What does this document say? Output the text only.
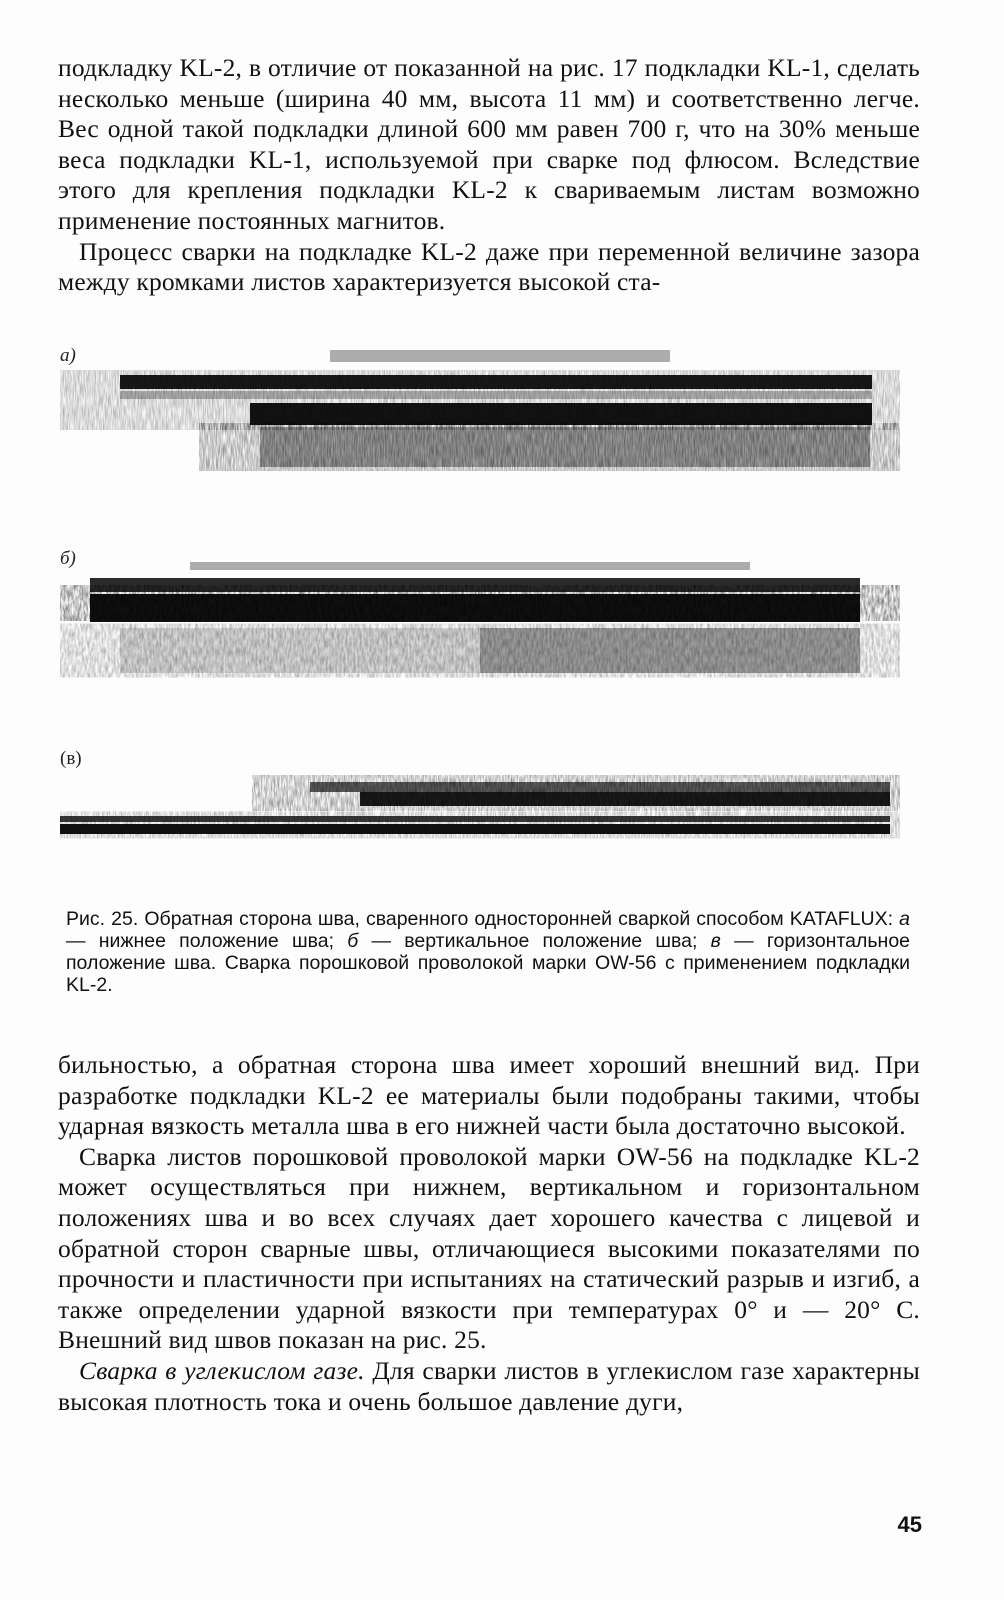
подкладку KL-2, в отличие от показанной на рис. 17 подкладки KL-1, сделать несколько меньше (ширина 40 мм, высота 11 мм) и соответственно легче. Вес одной такой подкладки длиной 600 мм равен 700 г, что на 30% меньше веса подкладки KL-1, используемой при сварке под флюсом. Вследствие этого для крепления подкладки KL-2 к свариваемым листам возможно применение постоянных магнитов.

Процесс сварки на подкладке KL-2 даже при переменной величине зазора между кромками листов характеризуется высокой ста-

а)
б)
(в)
Рис. 25. Обратная сторона шва, сваренного односторонней сваркой способом KATAFLUX: а — нижнее положение шва; б — вертикальное положение шва; в — горизонтальное положение шва. Сварка порошковой проволокой марки OW-56 с применением подкладки KL-2.

бильностью, а обратная сторона шва имеет хороший внешний вид. При разработке подкладки KL-2 ее материалы были подобраны такими, чтобы ударная вязкость металла шва в его нижней части была достаточно высокой.

Сварка листов порошковой проволокой марки OW-56 на подкладке KL-2 может осуществляться при нижнем, вертикальном и горизонтальном положениях шва и во всех случаях дает хорошего качества с лицевой и обратной сторон сварные швы, отличающиеся высокими показателями по прочности и пластичности при испытаниях на статический разрыв и изгиб, а также определении ударной вязкости при температурах 0° и — 20° С. Внешний вид швов показан на рис. 25.

Сварка в углекислом газе. Для сварки листов в углекислом газе характерны высокая плотность тока и очень большое давление дуги,

45
